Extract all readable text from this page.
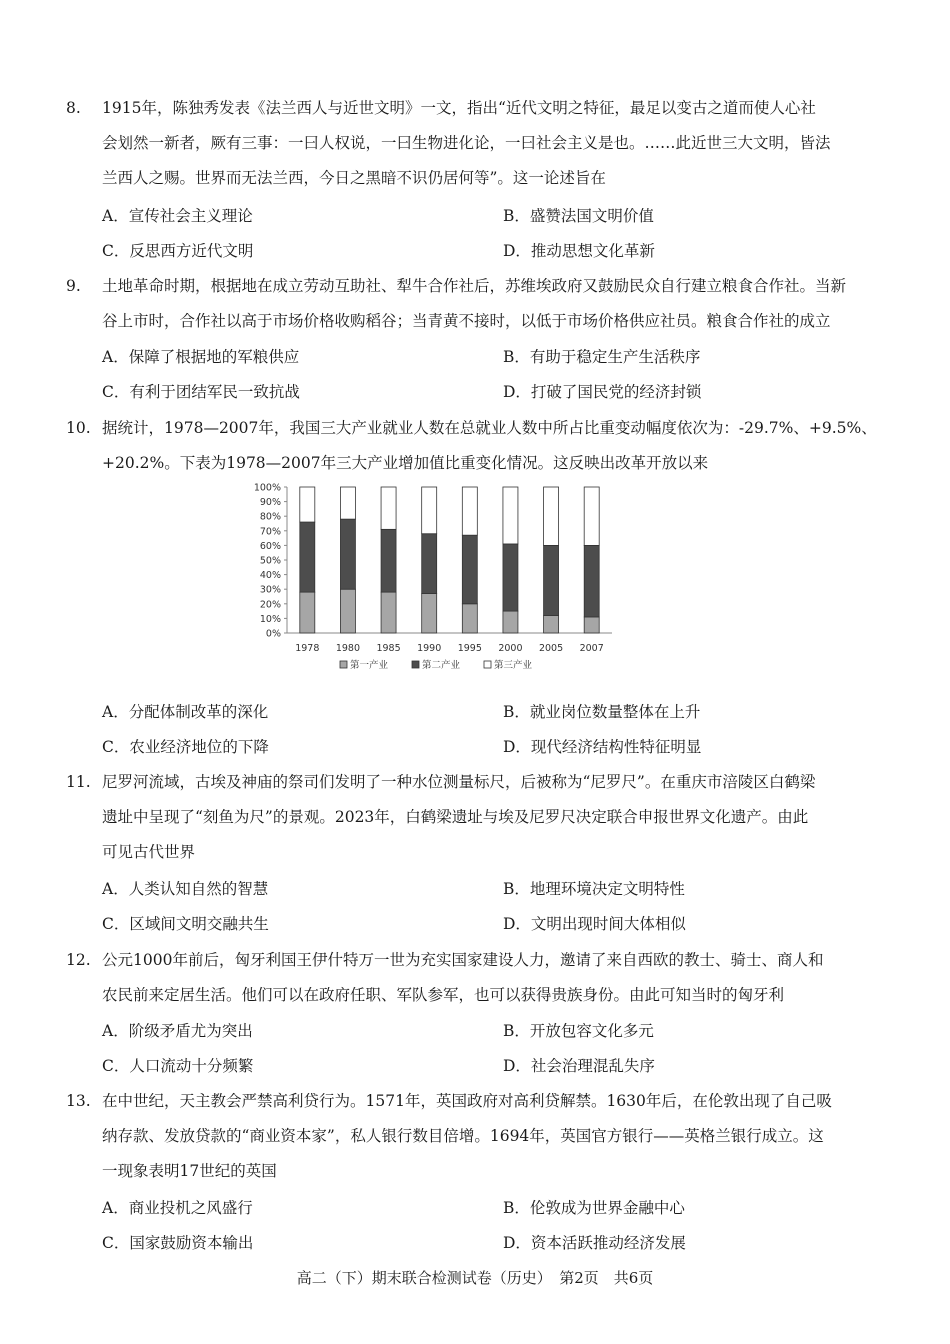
8. 1915年，陈独秀发表《法兰西人与近世文明》一文，指出“近代文明之特征，最足以变古之道而使人心社
会划然一新者，厥有三事：一曰人权说，一曰生物进化论，一曰社会主义是也。……此近世三大文明，皆法
兰西人之赐。世界而无法兰西，今日之黑暗不识仍居何等”。这一论述旨在
A．宣传社会主义理论	B．盛赞法国文明价值
C．反思西方近代文明	D．推动思想文化革新
9. 土地革命时期，根据地在成立劳动互助社、犁牛合作社后，苏维埃政府又鼓励民众自行建立粮食合作社。当新
谷上市时，合作社以高于市场价格收购稻谷；当青黄不接时，以低于市场价格供应社员。粮食合作社的成立
A．保障了根据地的军粮供应	B．有助于稳定生产生活秩序
C．有利于团结军民一致抗战	D．打破了国民党的经济封锁
10. 据统计，1978—2007年，我国三大产业就业人数在总就业人数中所占比重变动幅度依次为：-29.7%、+9.5%、
+20.2%。下表为1978—2007年三大产业增加值比重变化情况。这反映出改革开放以来
0%
10%
20%
30%
40%
50%
60%
70%
80%
90%
100%
1978 1980 1985 1990 1995 2000 2005 2007
第一产业	第二产业	第三产业
A．分配体制改革的深化	B．就业岗位数量整体在上升
C．农业经济地位的下降	D．现代经济结构性特征明显
11. 尼罗河流域，古埃及神庙的祭司们发明了一种水位测量标尺，后被称为“尼罗尺”。在重庆市涪陵区白鹤梁
遗址中呈现了“刻鱼为尺”的景观。2023年，白鹤梁遗址与埃及尼罗尺决定联合申报世界文化遗产。由此
可见古代世界
A．人类认知自然的智慧	B．地理环境决定文明特性
C．区域间文明交融共生	D．文明出现时间大体相似
12. 公元1000年前后，匈牙利国王伊什特万一世为充实国家建设人力，邀请了来自西欧的教士、骑士、商人和
农民前来定居生活。他们可以在政府任职、军队参军，也可以获得贵族身份。由此可知当时的匈牙利
A．阶级矛盾尤为突出	B．开放包容文化多元
C．人口流动十分频繁	D．社会治理混乱失序
13. 在中世纪，天主教会严禁高利贷行为。1571年，英国政府对高利贷解禁。1630年后，在伦敦出现了自己吸
纳存款、发放贷款的“商业资本家”，私人银行数目倍增。1694年，英国官方银行——英格兰银行成立。这
一现象表明17世纪的英国
A．商业投机之风盛行	B．伦敦成为世界金融中心
C．国家鼓励资本输出	D．资本活跃推动经济发展
高二（下）期末联合检测试卷（历史）　第2页　共6页
